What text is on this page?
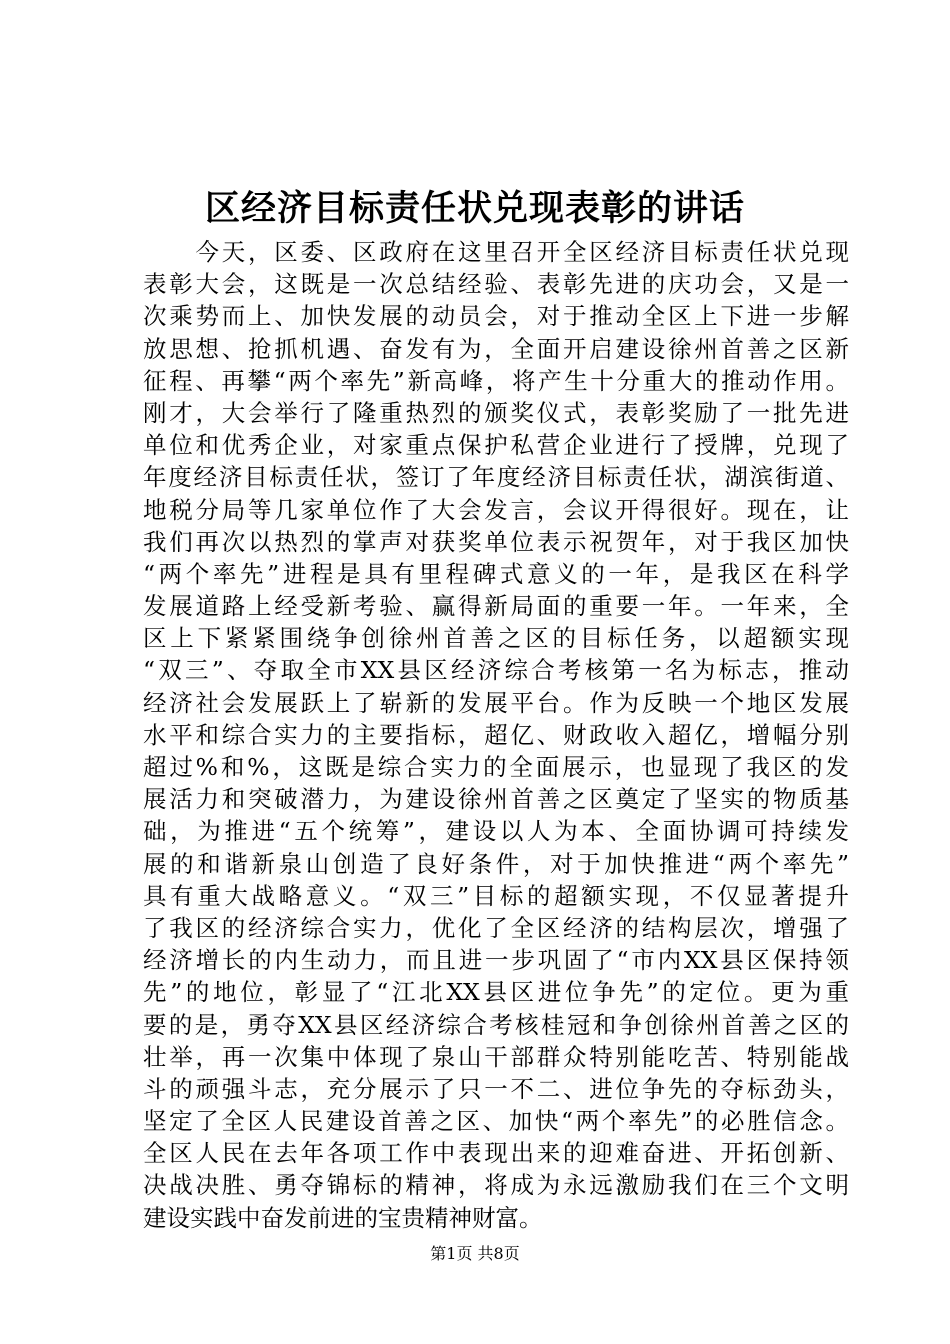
区经济目标责任状兑现表彰的讲话
　　今天，区委、区政府在这里召开全区经济目标责任状兑现
表彰大会，这既是一次总结经验、表彰先进的庆功会，又是一
次乘势而上、加快发展的动员会，对于推动全区上下进一步解
放思想、抢抓机遇、奋发有为，全面开启建设徐州首善之区新
征程、再攀“两个率先”新高峰，将产生十分重大的推动作用。
刚才，大会举行了隆重热烈的颁奖仪式，表彰奖励了一批先进
单位和优秀企业，对家重点保护私营企业进行了授牌，兑现了
年度经济目标责任状，签订了年度经济目标责任状，湖滨街道、
地税分局等几家单位作了大会发言，会议开得很好。现在，让
我们再次以热烈的掌声对获奖单位表示祝贺年，对于我区加快
“两个率先”进程是具有里程碑式意义的一年，是我区在科学
发展道路上经受新考验、赢得新局面的重要一年。一年来，全
区上下紧紧围绕争创徐州首善之区的目标任务，以超额实现
“双三”、夺取全市XX县区经济综合考核第一名为标志，推动
经济社会发展跃上了崭新的发展平台。作为反映一个地区发展
水平和综合实力的主要指标，超亿、财政收入超亿，增幅分别
超过%和%，这既是综合实力的全面展示，也显现了我区的发
展活力和突破潜力，为建设徐州首善之区奠定了坚实的物质基
础，为推进“五个统筹”，建设以人为本、全面协调可持续发
展的和谐新泉山创造了良好条件，对于加快推进“两个率先”
具有重大战略意义。“双三”目标的超额实现，不仅显著提升
了我区的经济综合实力，优化了全区经济的结构层次，增强了
经济增长的内生动力，而且进一步巩固了“市内XX县区保持领
先”的地位，彰显了“江北XX县区进位争先”的定位。更为重
要的是，勇夺XX县区经济综合考核桂冠和争创徐州首善之区的
壮举，再一次集中体现了泉山干部群众特别能吃苦、特别能战
斗的顽强斗志，充分展示了只一不二、进位争先的夺标劲头，
坚定了全区人民建设首善之区、加快“两个率先”的必胜信念。
全区人民在去年各项工作中表现出来的迎难奋进、开拓创新、
决战决胜、勇夺锦标的精神，将成为永远激励我们在三个文明
建设实践中奋发前进的宝贵精神财富。

第1页 共8页
